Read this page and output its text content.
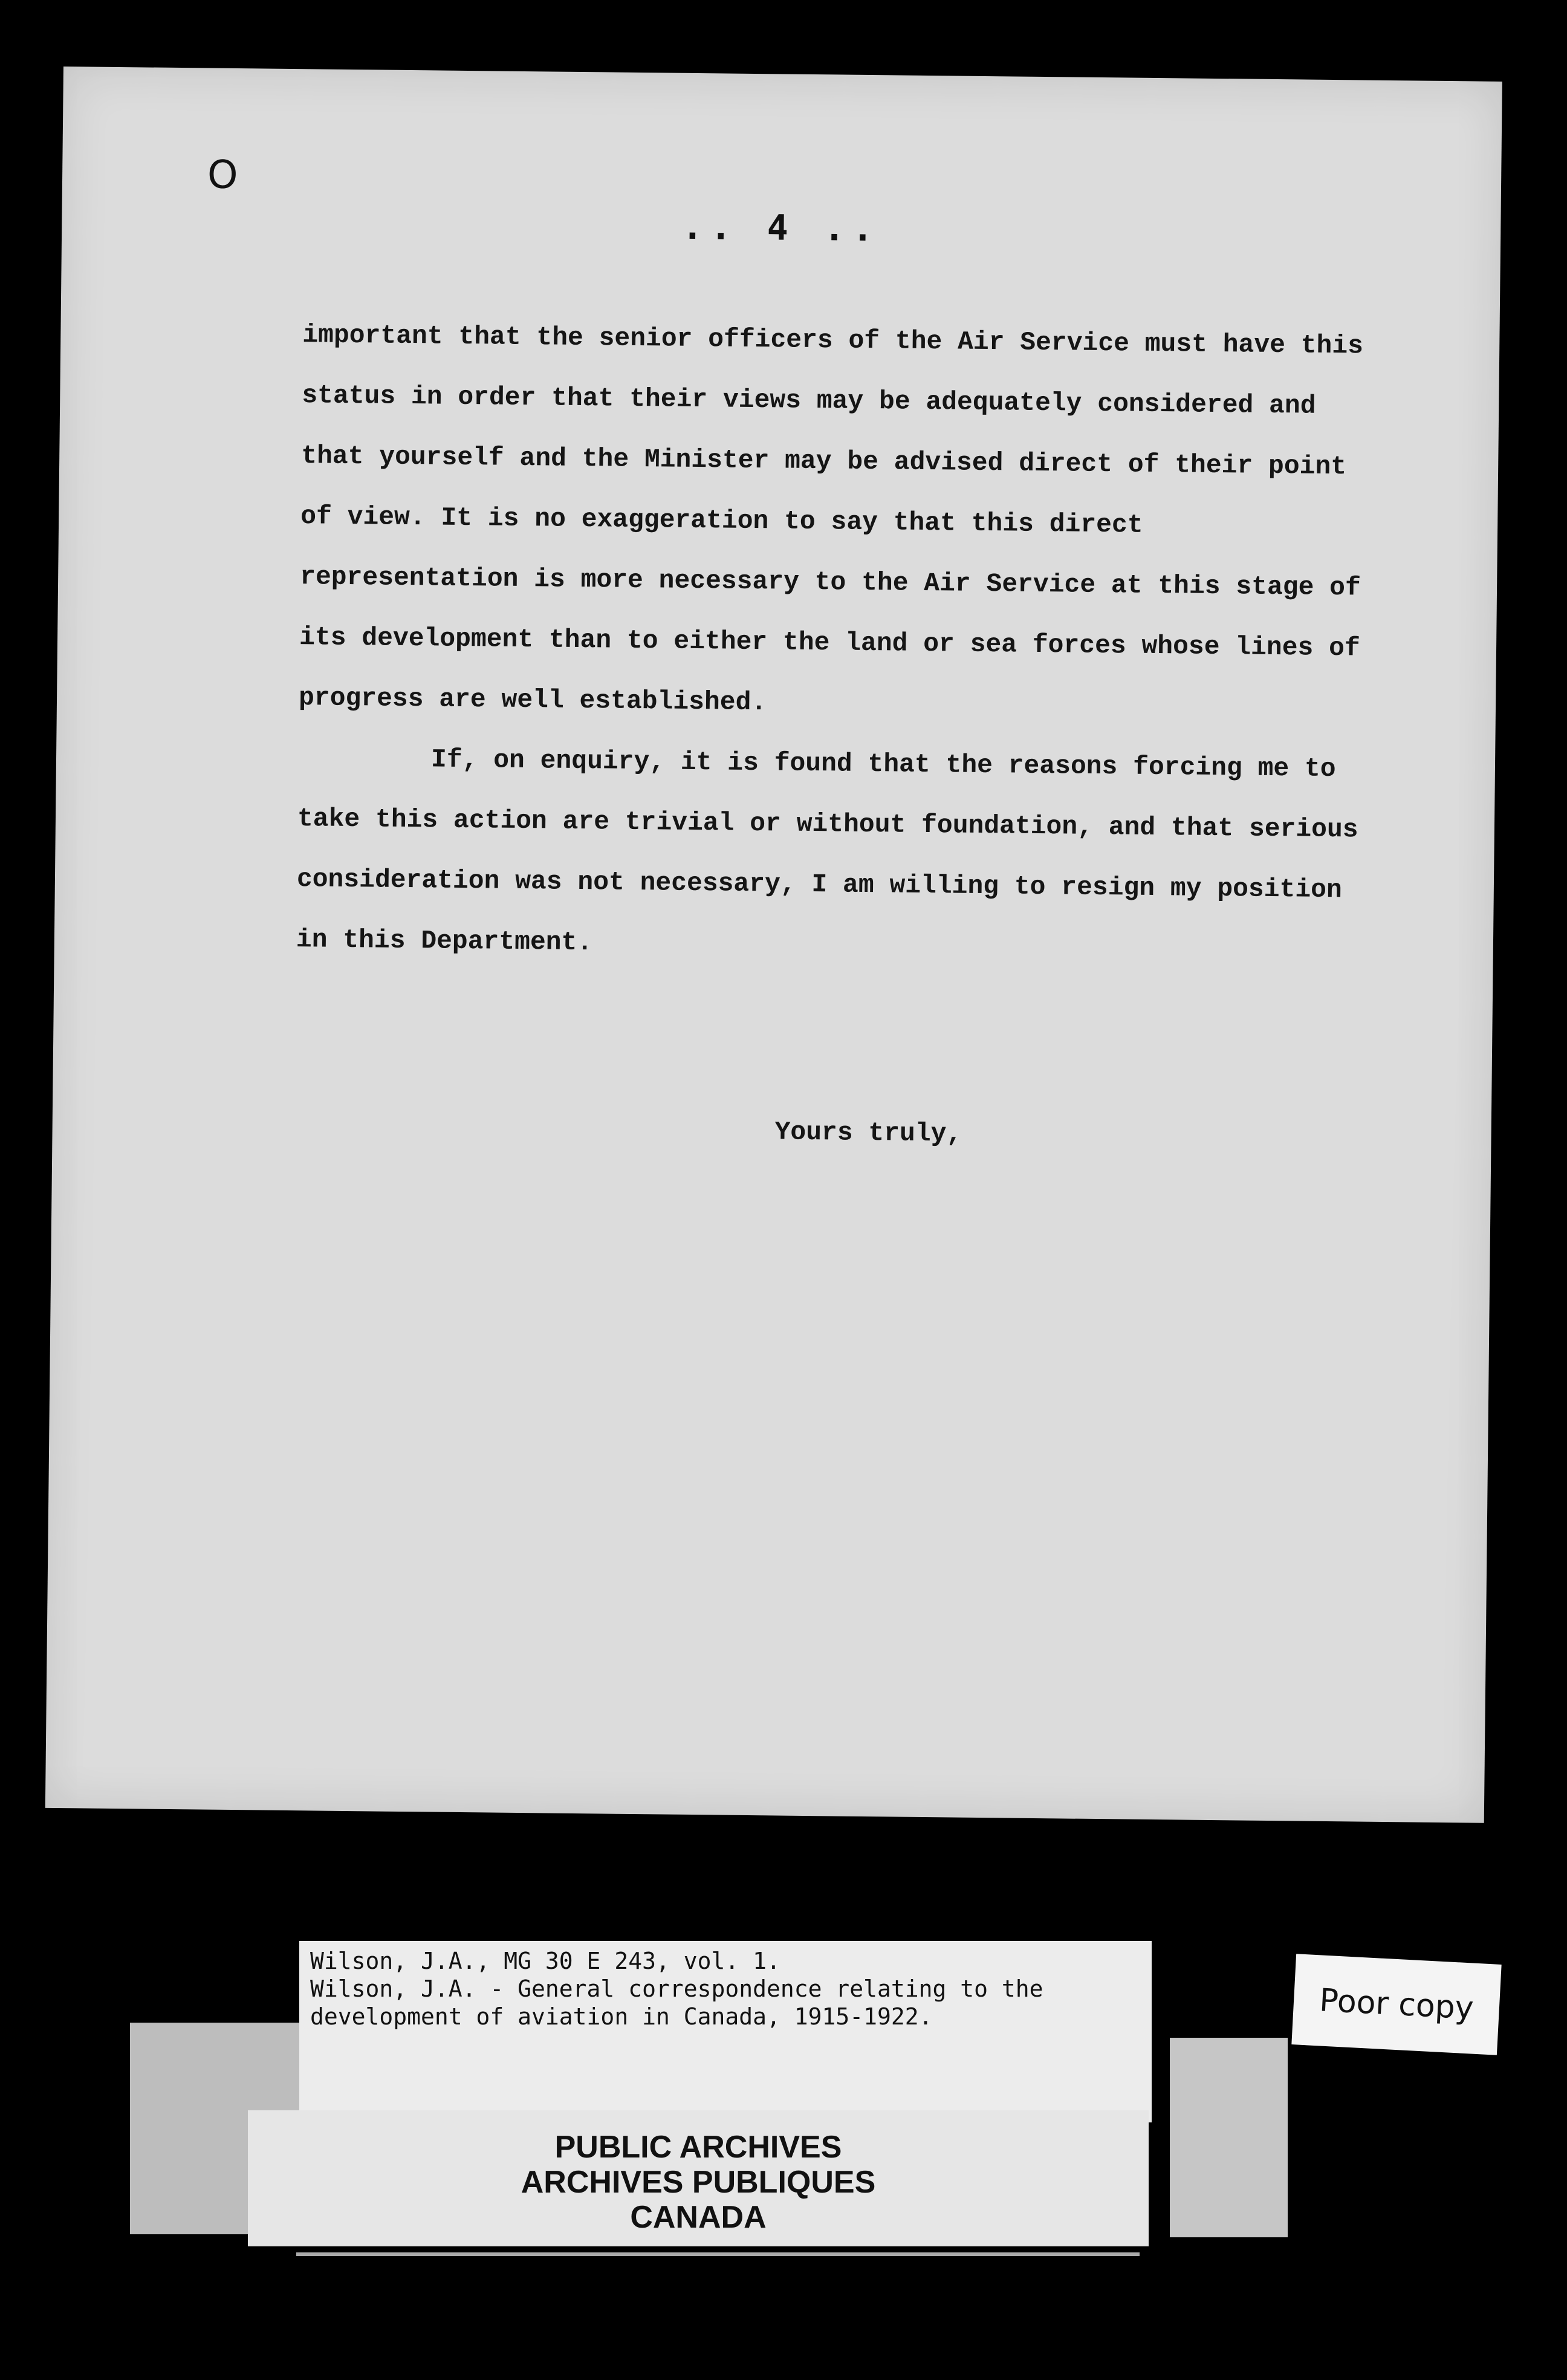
O
.. 4 ..

important that the senior officers of the Air Service must have this status in order that their views may be adequately considered and that yourself and the Minister may be advised direct of their point of view. It is no exaggeration to say that this direct representation is more necessary to the Air Service at this stage of its development than to either the land or sea forces whose lines of progress are well established.

If, on enquiry, it is found that the reasons forcing me to take this action are trivial or without foundation, and that serious consideration was not necessary, I am willing to resign my position in this Department.

Yours truly,
Wilson, J.A., MG 30 E 243, vol. 1.
Wilson, J.A. - General correspondence relating to the
development of aviation in Canada, 1915-1922.
PUBLIC ARCHIVES
ARCHIVES PUBLIQUES
CANADA
Poor copy
